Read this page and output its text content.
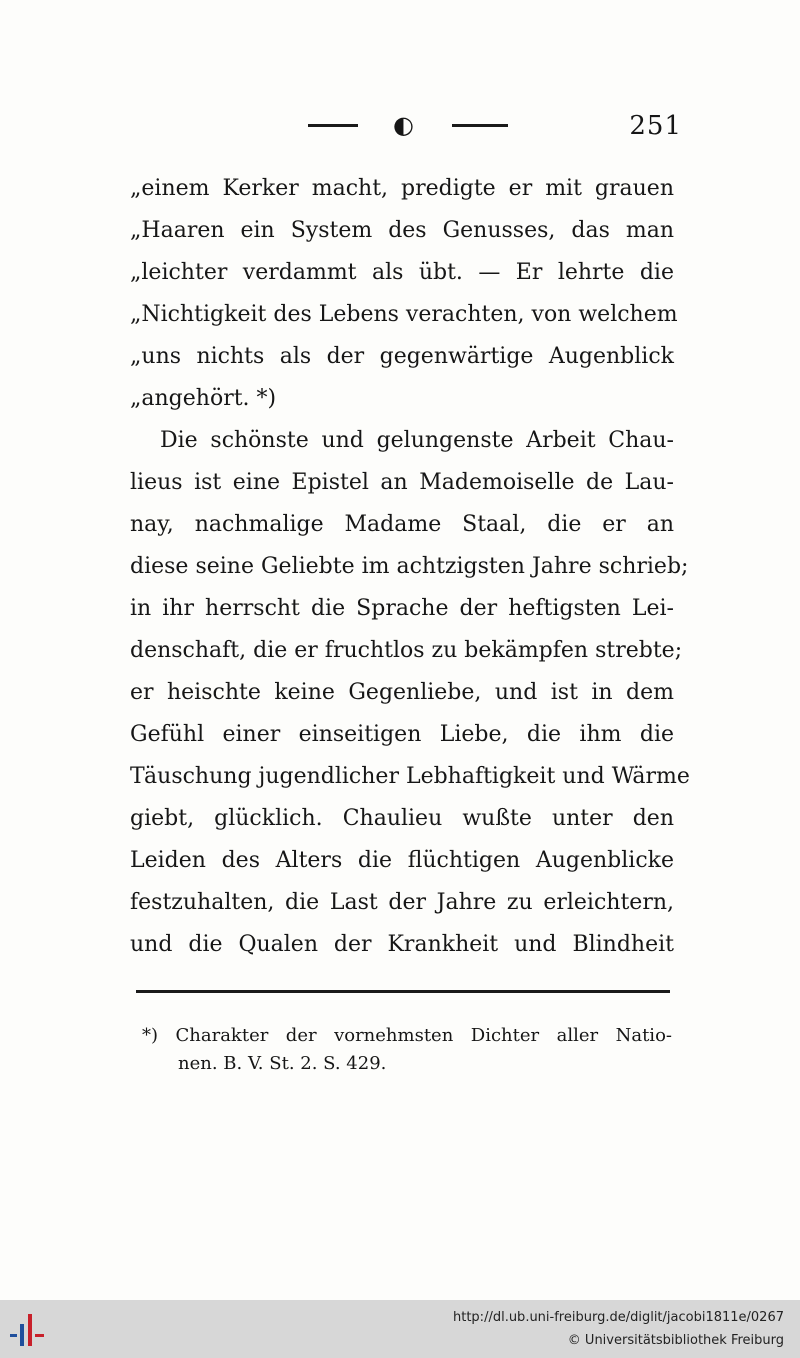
◐	251
„einem Kerker macht, predigte er mit grauen
„Haaren ein System des Genusses, das man
„leichter verdammt als übt. — Er lehrte die
„Nichtigkeit des Lebens verachten, von welchem
„uns nichts als der gegenwärtige Augenblick
„angehört. *)
Die schönste und gelungenste Arbeit Chau-
lieus ist eine Epistel an Mademoiselle de Lau-
nay, nachmalige Madame Staal, die er an
diese seine Geliebte im achtzigsten Jahre schrieb;
in ihr herrscht die Sprache der heftigsten Lei-
denschaft, die er fruchtlos zu bekämpfen strebte;
er heischte keine Gegenliebe, und ist in dem
Gefühl einer einseitigen Liebe, die ihm die
Täuschung jugendlicher Lebhaftigkeit und Wärme
giebt, glücklich. Chaulieu wußte unter den
Leiden des Alters die flüchtigen Augenblicke
festzuhalten, die Last der Jahre zu erleichtern,
und die Qualen der Krankheit und Blindheit
*) Charakter der vornehmsten Dichter aller Natio-
nen. B. V. St. 2. S. 429.
http://dl.ub.uni-freiburg.de/diglit/jacobi1811e/0267
© Universitätsbibliothek Freiburg
